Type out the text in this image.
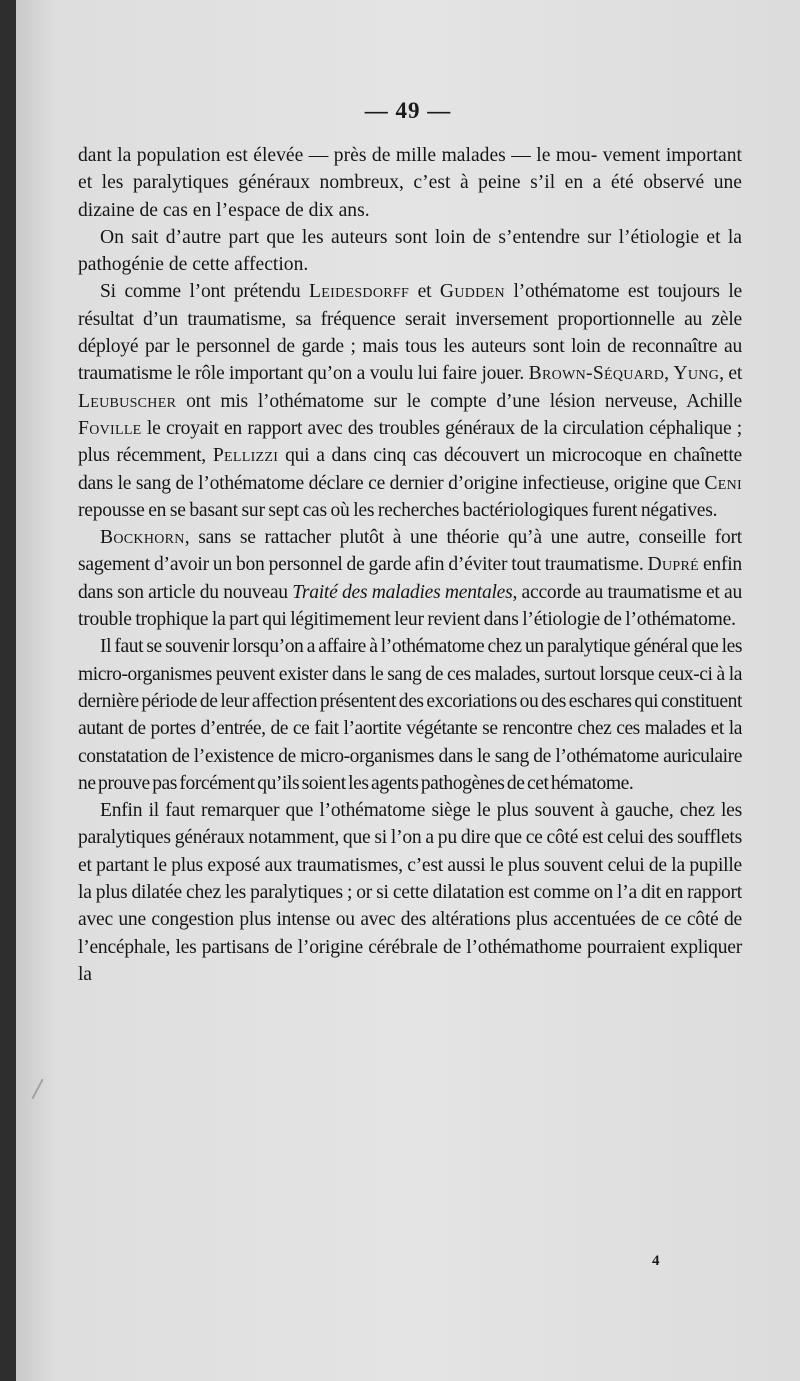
— 49 —

dant la population est élevée — près de mille malades — le mou- vement important et les paralytiques généraux nombreux, c’est à peine s’il en a été observé une dizaine de cas en l’espace de dix ans.

On sait d’autre part que les auteurs sont loin de s’entendre sur l’étiologie et la pathogénie de cette affection.

Si comme l’ont prétendu Leidesdorff et Gudden l’othématome est toujours le résultat d’un traumatisme, sa fréquence serait inversement proportionnelle au zèle déployé par le personnel de garde ; mais tous les auteurs sont loin de reconnaître au traumatisme le rôle important qu’on a voulu lui faire jouer. Brown-Séquard, Yung, et Leubuscher ont mis l’othématome sur le compte d’une lésion nerveuse, Achille Foville le croyait en rapport avec des troubles généraux de la circulation céphalique ; plus récemment, Pellizzi qui a dans cinq cas découvert un microcoque en chaînette dans le sang de l’othématome déclare ce dernier d’origine infectieuse, origine que Ceni repousse en se basant sur sept cas où les recherches bactériologiques furent négatives.

Bockhorn, sans se rattacher plutôt à une théorie qu’à une autre, conseille fort sagement d’avoir un bon personnel de garde afin d’éviter tout traumatisme. Dupré enfin dans son article du nouveau Traité des maladies mentales, accorde au traumatisme et au trouble trophique la part qui légitimement leur revient dans l’étiologie de l’othématome.

Il faut se souvenir lorsqu’on a affaire à l’othématome chez un paralytique général que les micro-organismes peuvent exister dans le sang de ces malades, surtout lorsque ceux-ci à la dernière période de leur affection présentent des excoriations ou des eschares qui constituent autant de portes d’entrée, de ce fait l’aortite végétante se rencontre chez ces malades et la constatation de l’existence de micro-organismes dans le sang de l’othématome auriculaire ne prouve pas forcément qu’ils soient les agents pathogènes de cet hématome.

Enfin il faut remarquer que l’othématome siège le plus souvent à gauche, chez les paralytiques généraux notamment, que si l’on a pu dire que ce côté est celui des soufflets et partant le plus exposé aux traumatismes, c’est aussi le plus souvent celui de la pupille la plus dilatée chez les paralytiques ; or si cette dilatation est comme on l’a dit en rapport avec une congestion plus intense ou avec des altérations plus accentuées de ce côté de l’encéphale, les partisans de l’origine cérébrale de l’othémathome pourraient expliquer la

4
